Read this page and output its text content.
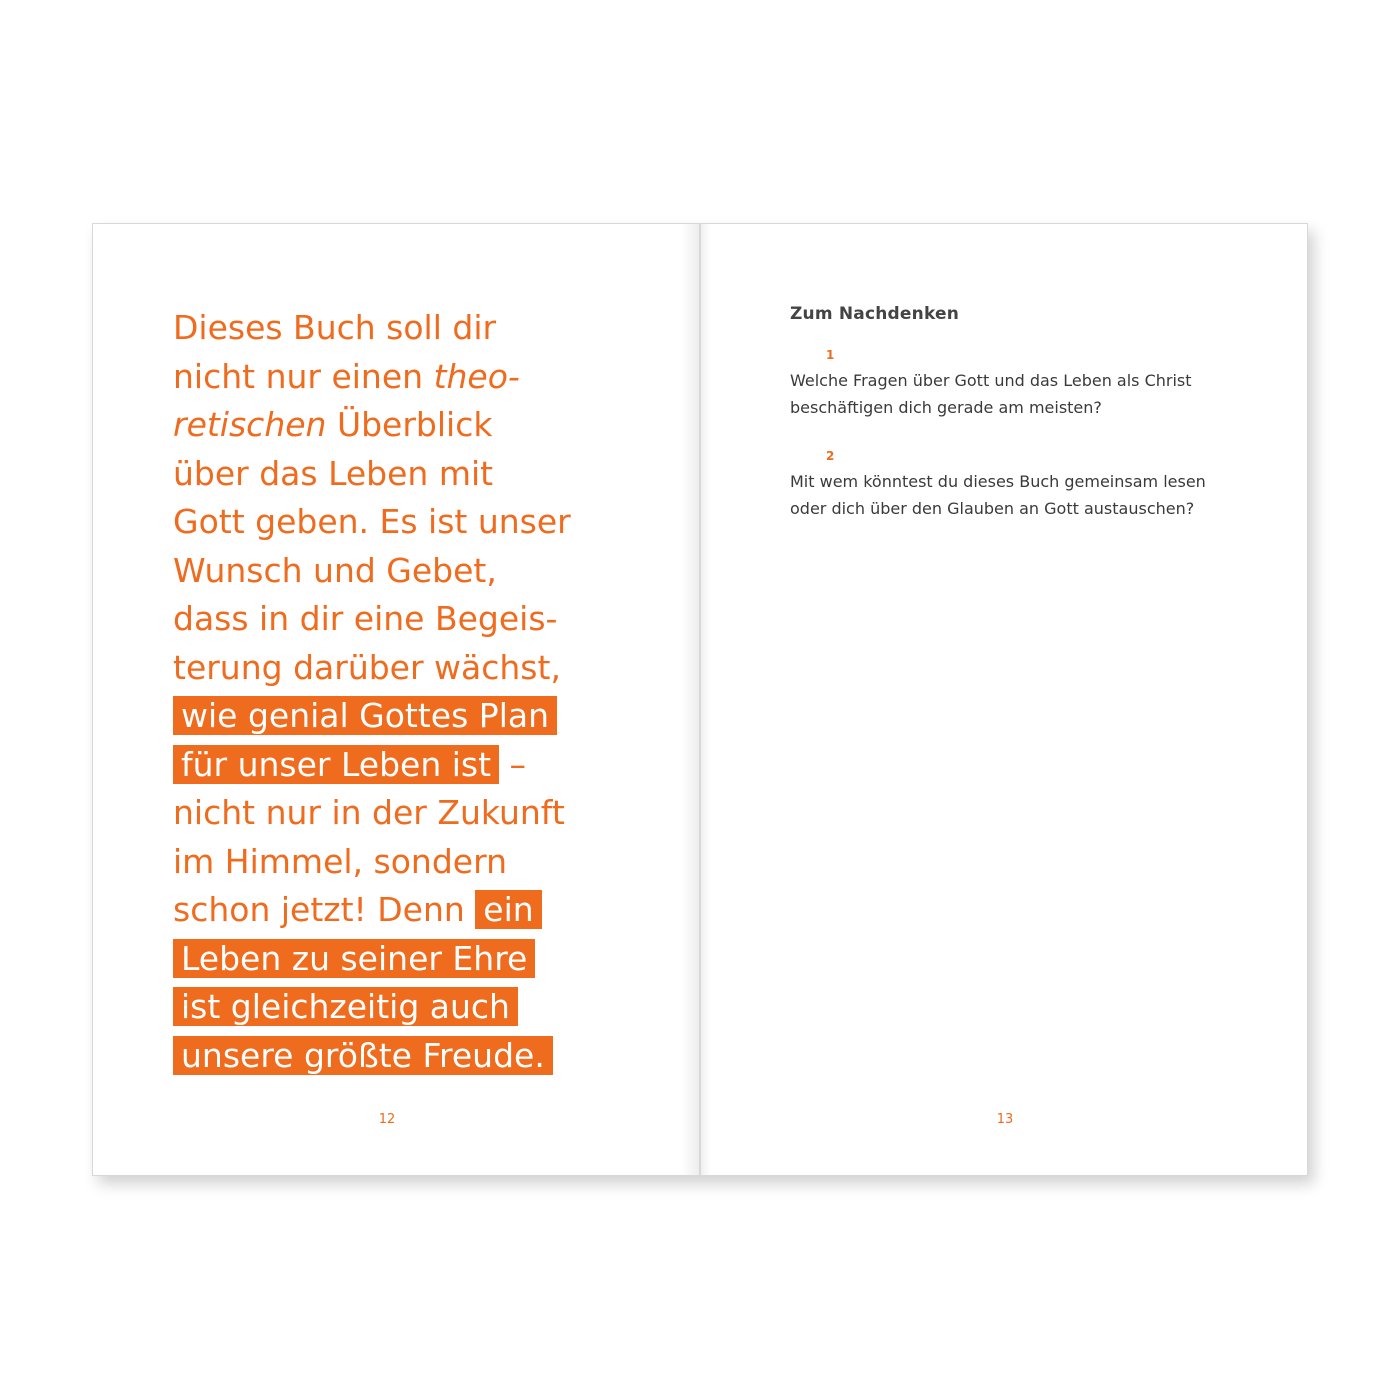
Dieses Buch soll dir
nicht nur einen theo-
retischen Überblick
über das Leben mit
Gott geben. Es ist unser
Wunsch und Gebet,
dass in dir eine Begeis-
terung darüber wächst,
wie genial Gottes Plan
für unser Leben ist –
nicht nur in der Zukunft
im Himmel, sondern
schon jetzt! Denn ein
Leben zu seiner Ehre
ist gleichzeitig auch
unsere größte Freude.
12
Zum Nachdenken
1
Welche Fragen über Gott und das Leben als Christ
beschäftigen dich gerade am meisten?
2
Mit wem könntest du dieses Buch gemeinsam lesen
oder dich über den Glauben an Gott austauschen?
13
